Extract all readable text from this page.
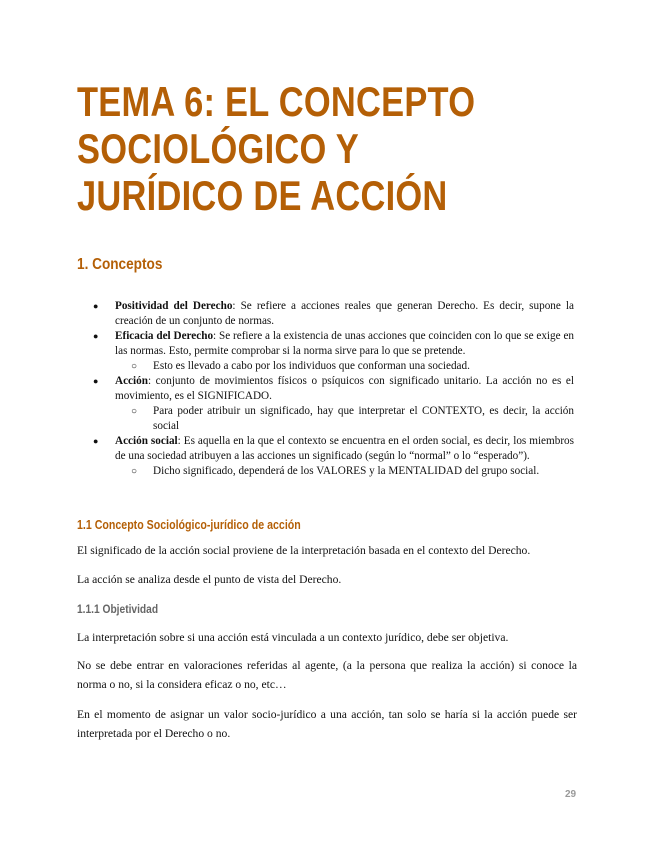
TEMA 6: EL CONCEPTO
SOCIOLÓGICO Y
JURÍDICO DE ACCIÓN
1. Conceptos
● Positividad del Derecho: Se refiere a acciones reales que generan Derecho. Es decir, supone la creación de un conjunto de normas.
● Eficacia del Derecho: Se refiere a la existencia de unas acciones que coinciden con lo que se exige en las normas. Esto, permite comprobar si la norma sirve para lo que se pretende.
○ Esto es llevado a cabo por los individuos que conforman una sociedad.
● Acción: conjunto de movimientos físicos o psíquicos con significado unitario. La acción no es el movimiento, es el SIGNIFICADO.
○ Para poder atribuir un significado, hay que interpretar el CONTEXTO, es decir, la acción social
● Acción social: Es aquella en la que el contexto se encuentra en el orden social, es decir, los miembros de una sociedad atribuyen a las acciones un significado (según lo “normal” o lo “esperado”).
○ Dicho significado, dependerá de los VALORES y la MENTALIDAD del grupo social.
1.1 Concepto Sociológico-jurídico de acción

El significado de la acción social proviene de la interpretación basada en el contexto del Derecho.

La acción se analiza desde el punto de vista del Derecho.

1.1.1 Objetividad

La interpretación sobre si una acción está vinculada a un contexto jurídico, debe ser objetiva.

No se debe entrar en valoraciones referidas al agente, (a la persona que realiza la acción) si conoce la norma o no, si la considera eficaz o no, etc…

En el momento de asignar un valor socio-jurídico a una acción, tan solo se haría si la acción puede ser interpretada por el Derecho o no.

29
